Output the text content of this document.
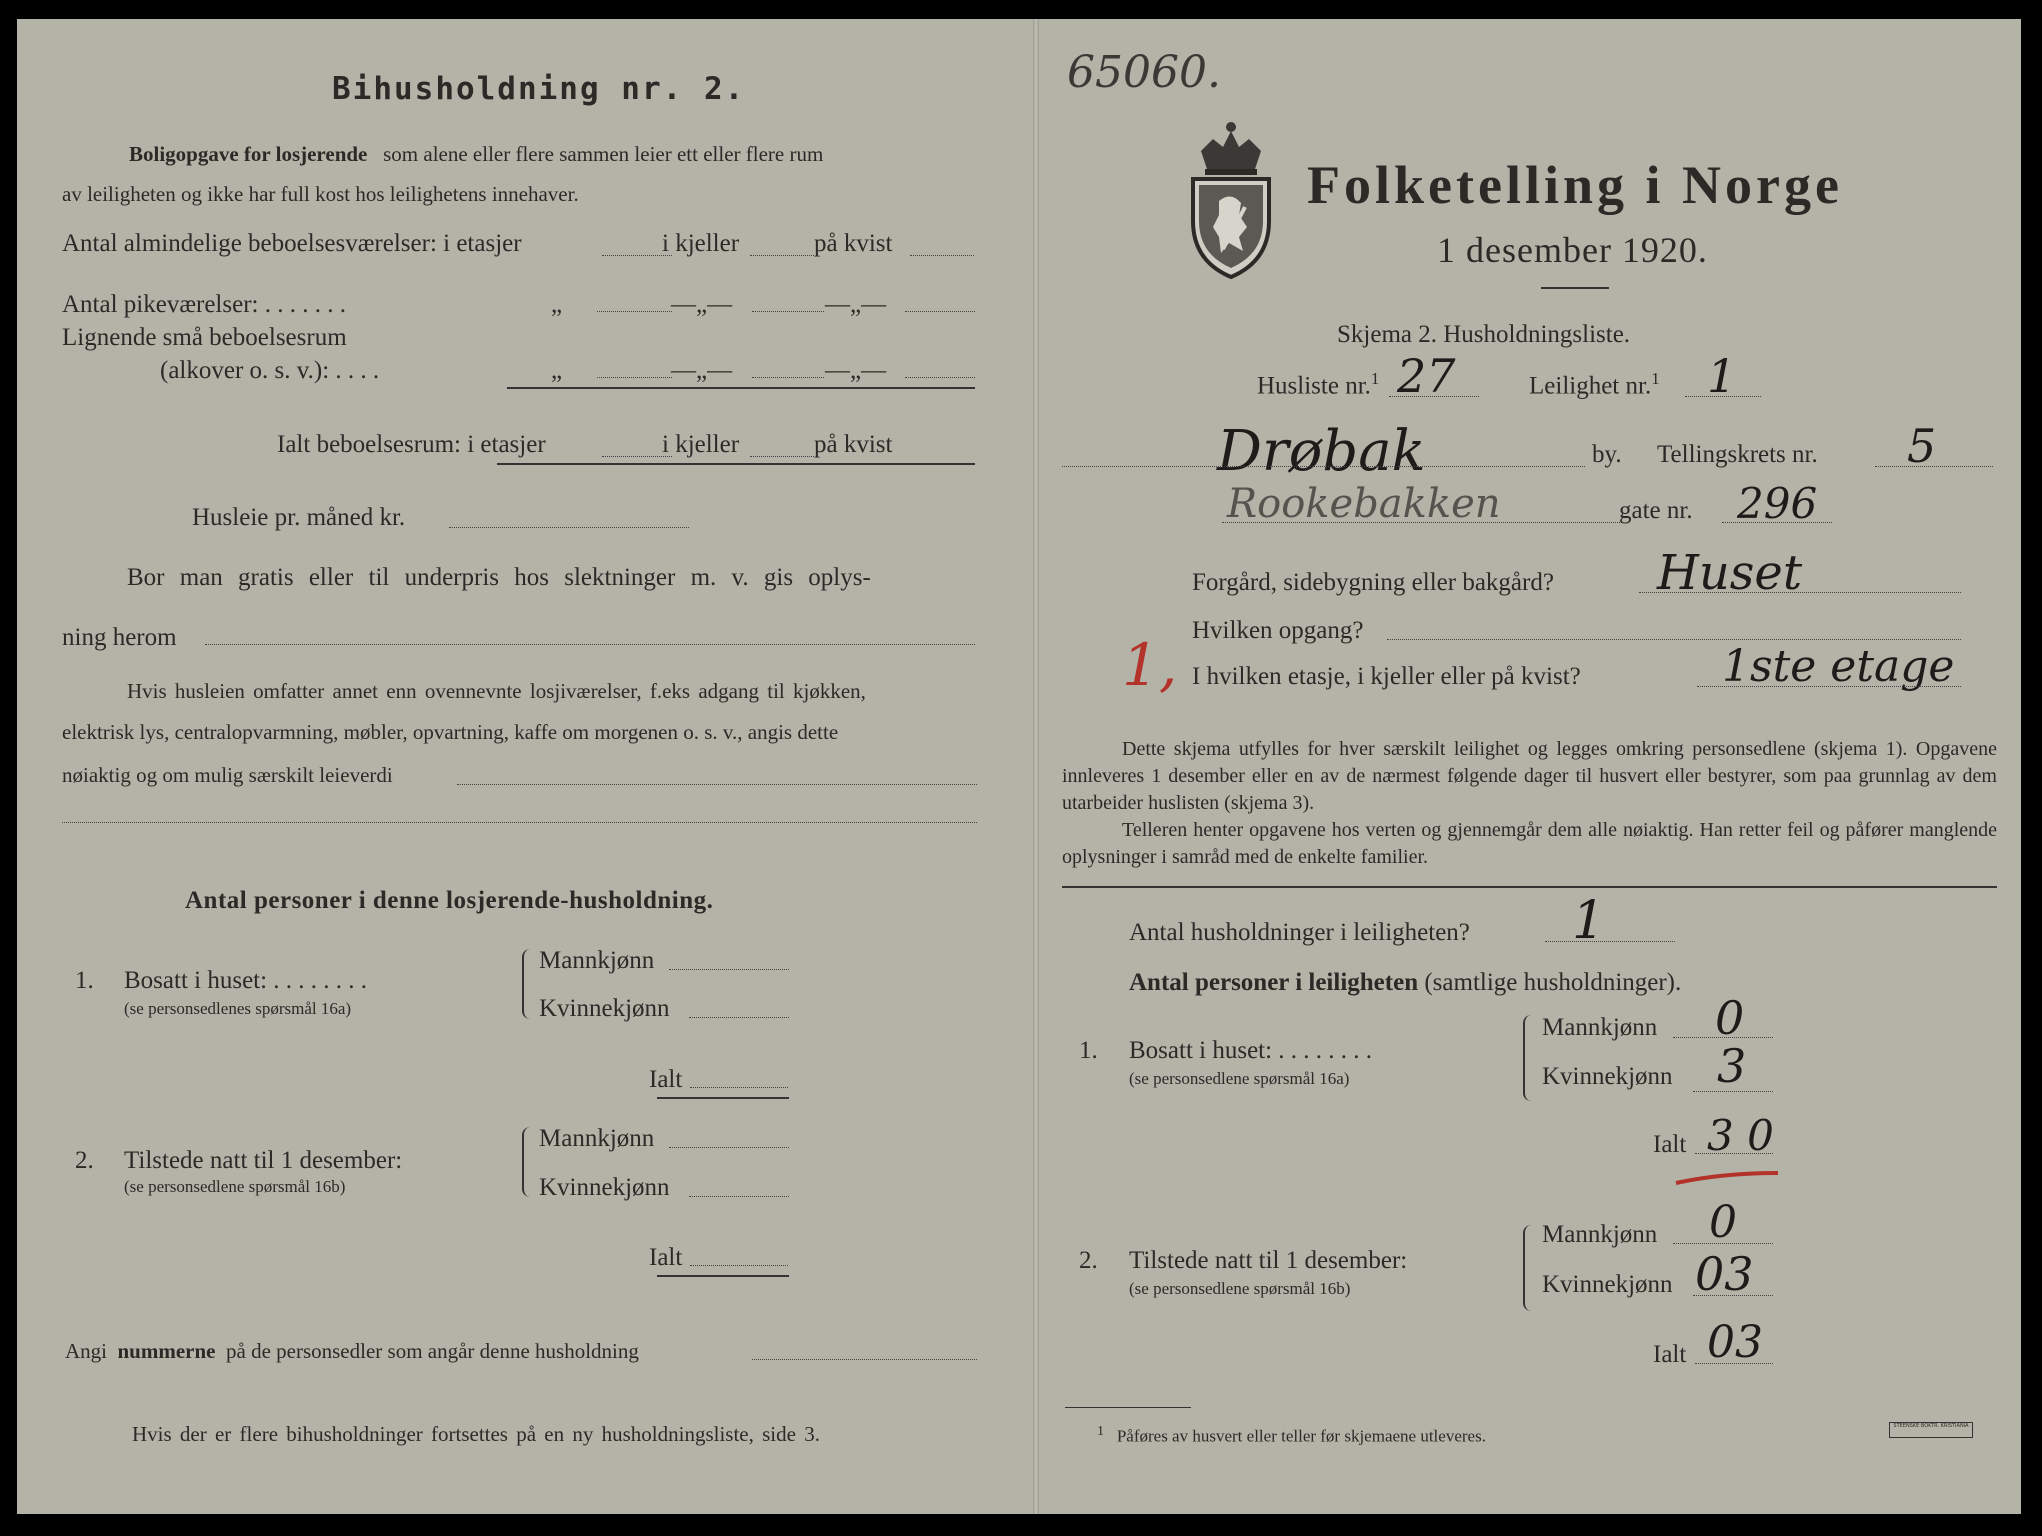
Bihusholdning nr. 2.
Boligopgave for losjerende som alene eller flere sammen leier ett eller flere rum
av leiligheten og ikke har full kost hos leilighetens innehaver.
Antal almindelige beboelsesværelser: i etasjer	i kjeller	på kvist
Antal pikeværelser: . . . . . . .	„	—„—	—„—
Lignende små beboelsesrum
(alkover o. s. v.): . . . .	„	—„—	—„—
Ialt beboelsesrum: i etasjer	i kjeller	på kvist
Husleie pr. måned kr.
Bor man gratis eller til underpris hos slektninger m. v. gis oplys-
ning herom
Hvis husleien omfatter annet enn ovennevnte losjiværelser, f.eks adgang til kjøkken,
elektrisk lys, centralopvarmning, møbler, opvartning, kaffe om morgenen o. s. v., angis dette
nøiaktig og om mulig særskilt leieverdi
Antal personer i denne losjerende-husholdning.
1. Bosatt i huset: . . . . . . . .
(se personsedlenes spørsmål 16a)
Mannkjønn
Kvinnekjønn
Ialt
2. Tilstede natt til 1 desember:
(se personsedlene spørsmål 16b)
Mannkjønn
Kvinnekjønn
Ialt
Angi nummerne på de personsedler som angår denne husholdning
Hvis der er flere bihusholdninger fortsettes på en ny husholdningsliste, side 3.
65060.
Folketelling i Norge
1 desember 1920.
Skjema 2. Husholdningsliste.
Husliste nr.$^1$ 27	Leilighet nr.$^1$ 1
Drøbak	by. Tellingskrets nr. 5
Rookebakken	gate nr. 296
Forgård, sidebygning eller bakgård? Huset
Hvilken opgang?
1, I hvilken etasje, i kjeller eller på kvist?	1ste etage
Dette skjema utfylles for hver særskilt leilighet og legges omkring personsedlene (skjema 1). Opgavene innleveres 1 desember eller en av de nærmest følgende dager til husvert eller bestyrer, som paa grunnlag av dem utarbeider huslisten (skjema 3).
Telleren henter opgavene hos verten og gjennemgår dem alle nøiaktig. Han retter feil og påfører manglende oplysninger i samråd med de enkelte familier.
Antal husholdninger i leiligheten? 1
Antal personer i leiligheten (samtlige husholdninger).
1. Bosatt i huset: . . . . . . . .
(se personsedlene spørsmål 16a)
Mannkjønn 0
Kvinnekjønn 3
Ialt 3 0
2. Tilstede natt til 1 desember:
(se personsedlene spørsmål 16b)
Mannkjønn 0
Kvinnekjønn 03
Ialt 03
$^1$ Påføres av husvert eller teller før skjemaene utleveres.
STEENSKE BOKTR. KRISTIANIA
